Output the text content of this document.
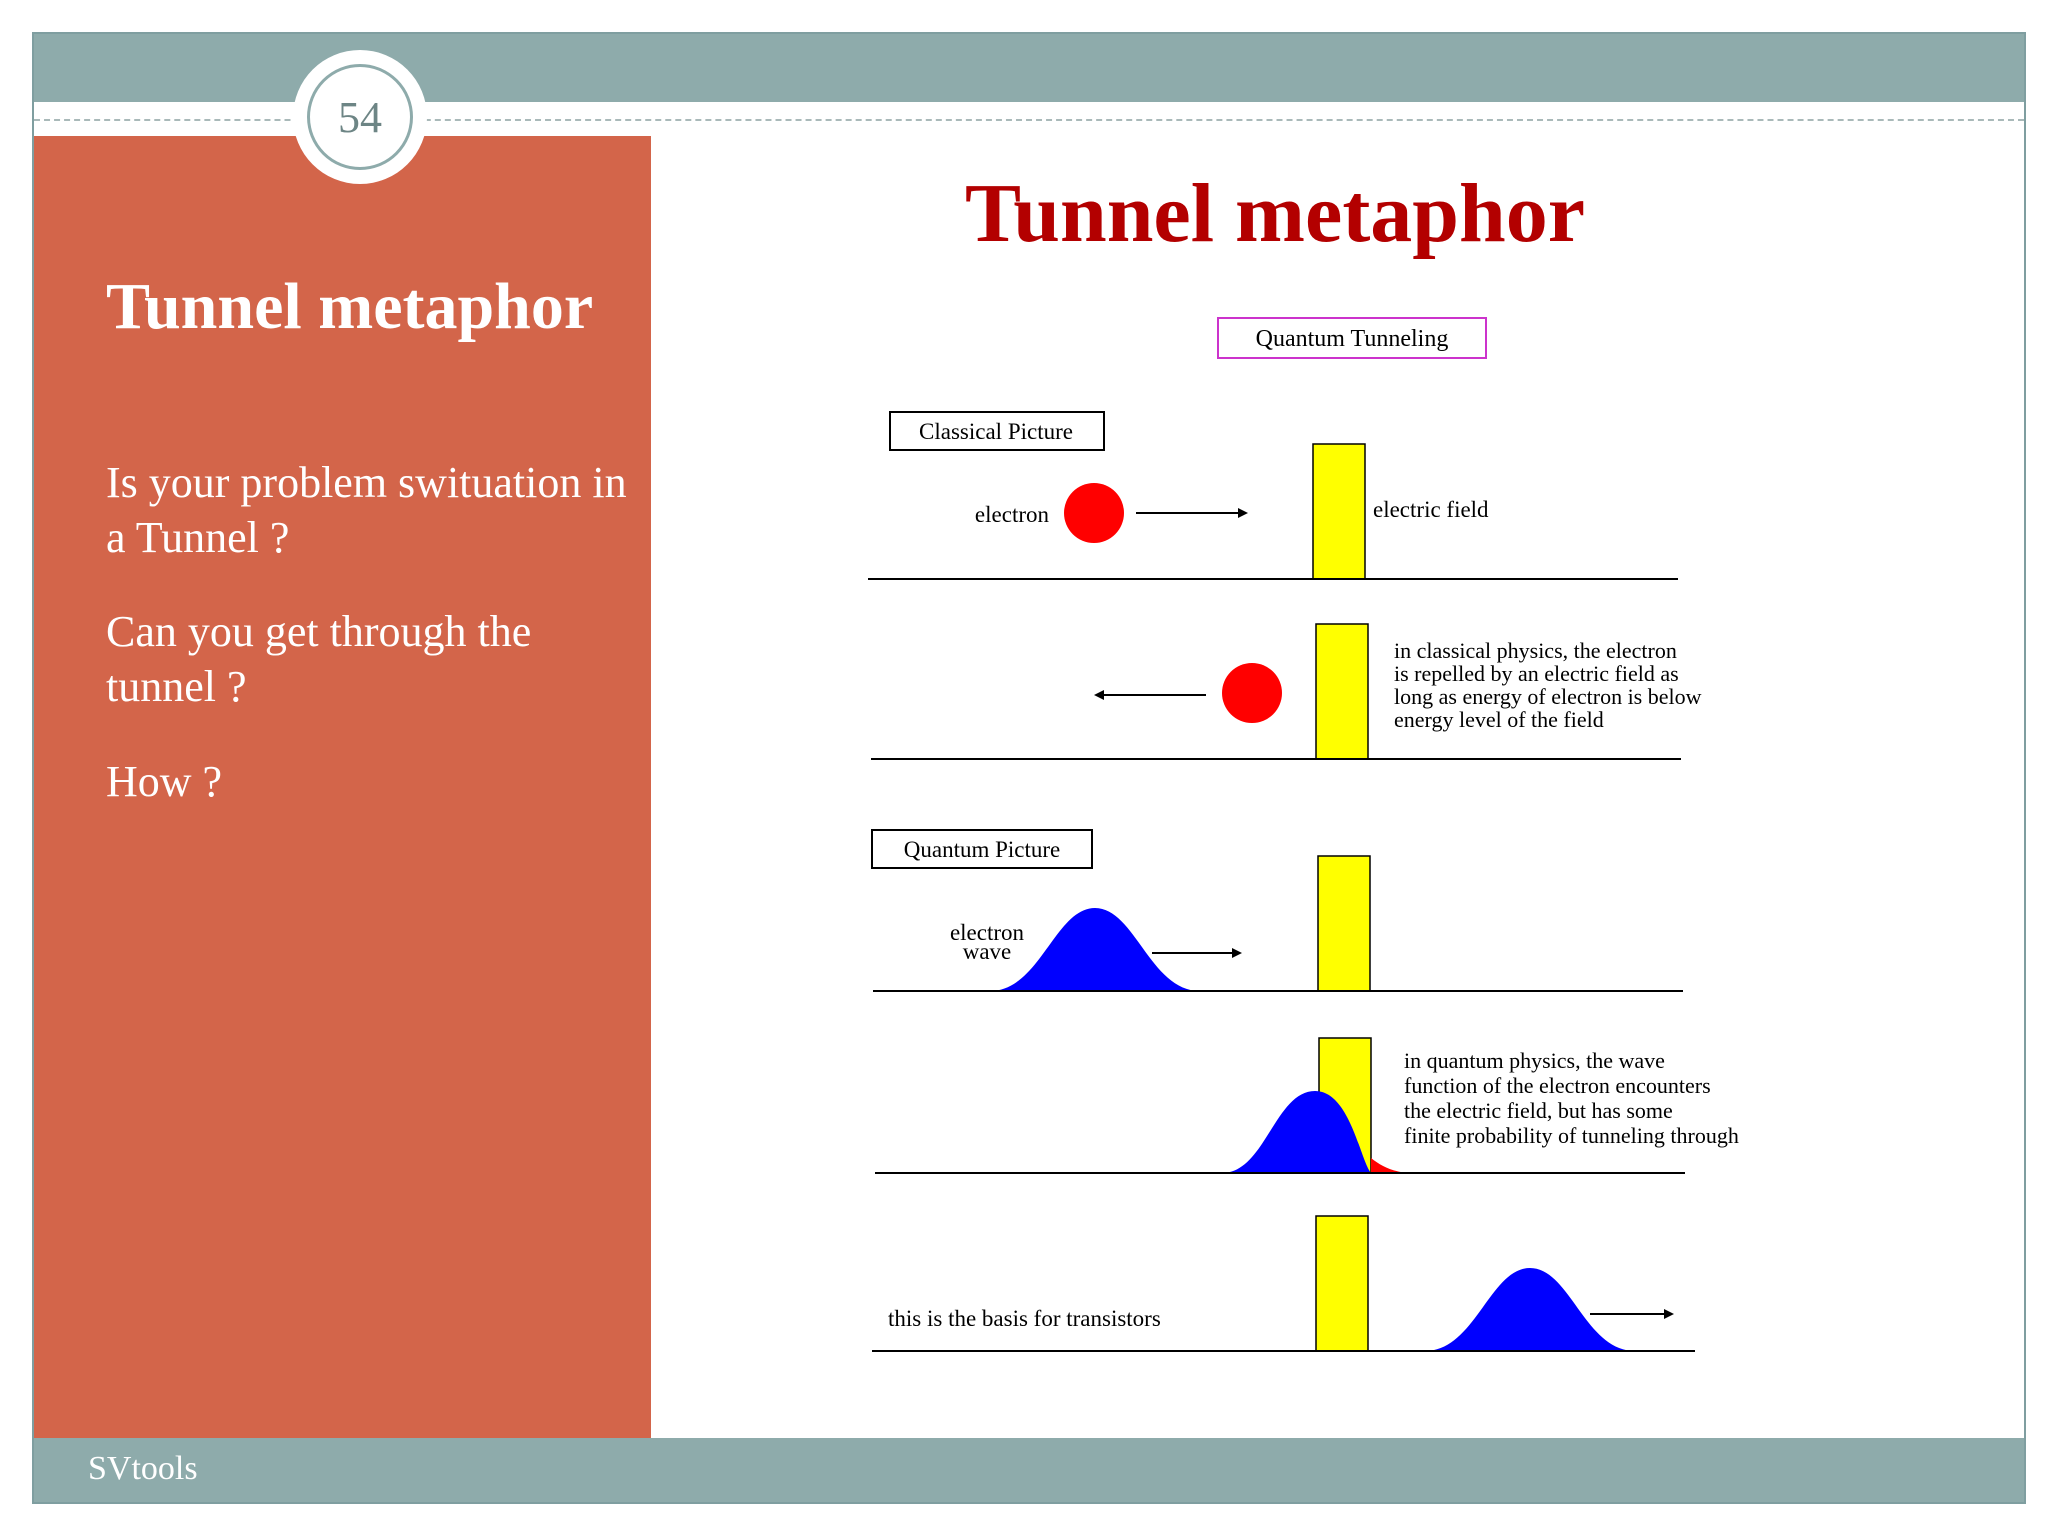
54
Tunnel metaphor
Is your problem swituation in a Tunnel ?
Can you get through the tunnel ?
How ?
SVtools
Tunnel metaphor
Quantum Tunneling
Classical Picture
electron	electric field
in classical physics, the electron
is repelled by an electric field as
long as energy of electron is below
energy level of the field
Quantum Picture
electron
wave
in quantum physics, the wave
function of the electron encounters
the electric field, but has some
finite probability of tunneling through
this is the basis for transistors
